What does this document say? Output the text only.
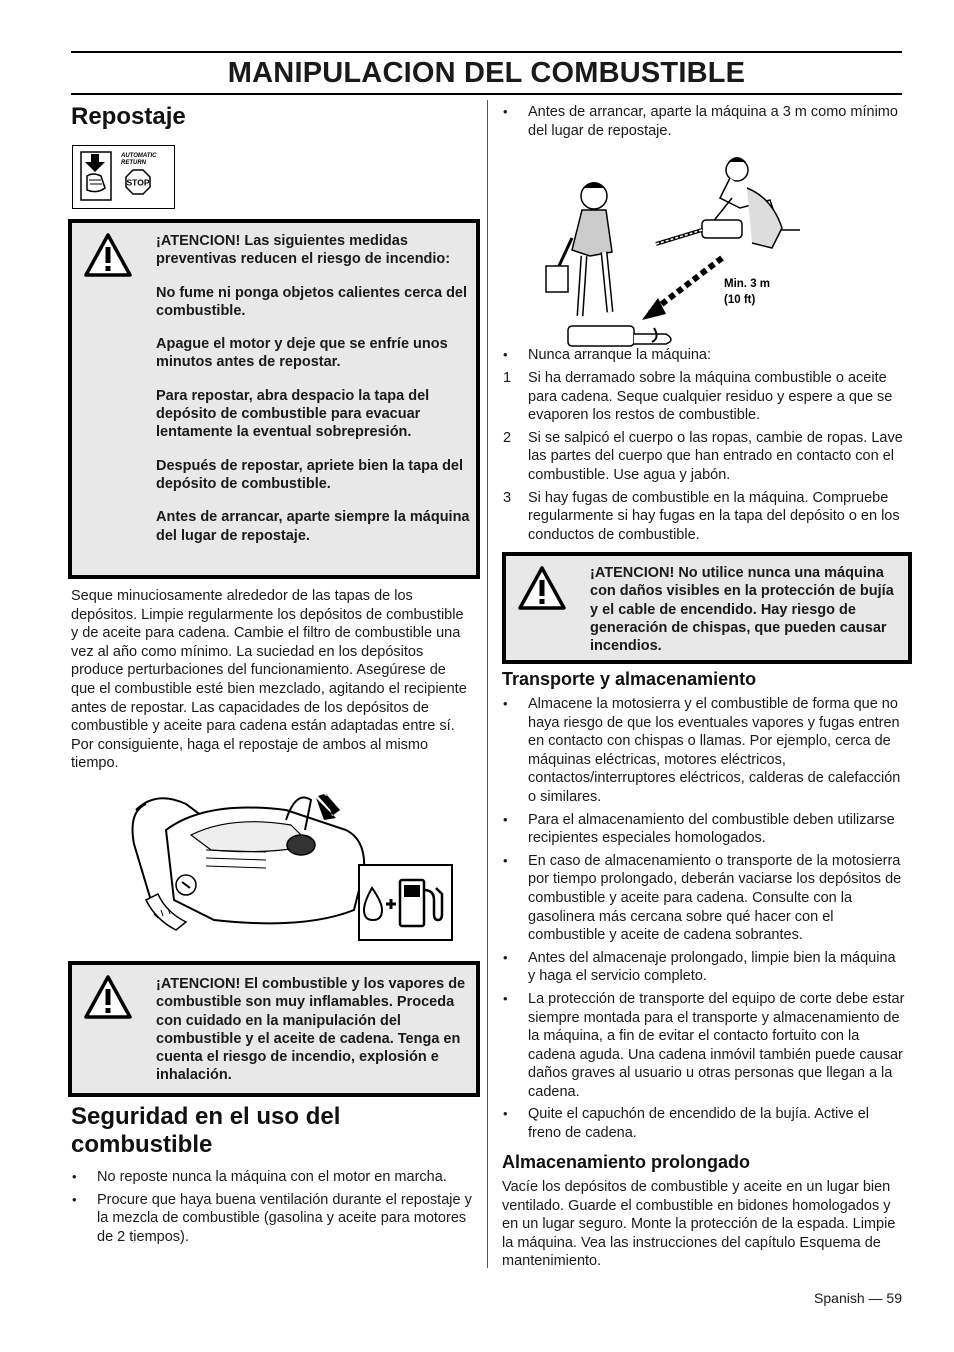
MANIPULACION DEL COMBUSTIBLE
Repostaje
AUTOMATIC
RETURN
STOP

¡ATENCION! Las siguientes medidas preventivas reducen el riesgo de incendio:

No fume ni ponga objetos calientes cerca del combustible.

Apague el motor y deje que se enfríe unos minutos antes de repostar.

Para repostar, abra despacio la tapa del depósito de combustible para evacuar lentamente la eventual sobrepresión.

Después de repostar, apriete bien la tapa del depósito de combustible.

Antes de arrancar, aparte siempre la máquina del lugar de repostaje.

Seque minuciosamente alrededor de las tapas de los depósitos. Limpie regularmente los depósitos de combustible y de aceite para cadena. Cambie el filtro de combustible una vez al año como mínimo. La suciedad en los depósitos produce perturbaciones del funcionamiento. Asegúrese de que el combustible esté bien mezclado, agitando el recipiente antes de repostar. Las capacidades de los depósitos de combustible y aceite para cadena están adaptadas entre sí. Por consiguiente, haga el repostaje de ambos al mismo tiempo.

¡ATENCION! El combustible y los vapores de combustible son muy inflamables. Proceda con cuidado en la manipulación del combustible y el aceite de cadena. Tenga en cuenta el riesgo de incendio, explosión e inhalación.
Seguridad en el uso del combustible
• No reposte nunca la máquina con el motor en marcha.
• Procure que haya buena ventilación durante el repostaje y la mezcla de combustible (gasolina y aceite para motores de 2 tiempos).
• Antes de arrancar, aparte la máquina a 3 m como mínimo del lugar de repostaje.
Min. 3 m
(10 ft)
• Nunca arranque la máquina:
1 Si ha derramado sobre la máquina combustible o aceite para cadena. Seque cualquier residuo y espere a que se evaporen los restos de combustible.
2 Si se salpicó el cuerpo o las ropas, cambie de ropas. Lave las partes del cuerpo que han entrado en contacto con el combustible. Use agua y jabón.
3 Si hay fugas de combustible en la máquina. Compruebe regularmente si hay fugas en la tapa del depósito o en los conductos de combustible.
¡ATENCION! No utilice nunca una máquina con daños visibles en la protección de bujía y el cable de encendido. Hay riesgo de generación de chispas, que pueden causar incendios.
Transporte y almacenamiento
• Almacene la motosierra y el combustible de forma que no haya riesgo de que los eventuales vapores y fugas entren en contacto con chispas o llamas. Por ejemplo, cerca de máquinas eléctricas, motores eléctricos, contactos/interruptores eléctricos, calderas de calefacción o similares.
• Para el almacenamiento del combustible deben utilizarse recipientes especiales homologados.
• En caso de almacenamiento o transporte de la motosierra por tiempo prolongado, deberán vaciarse los depósitos de combustible y aceite para cadena. Consulte con la gasolinera más cercana sobre qué hacer con el combustible y aceite de cadena sobrantes.
• Antes del almacenaje prolongado, limpie bien la máquina y haga el servicio completo.
• La protección de transporte del equipo de corte debe estar siempre montada para el transporte y almacenamiento de la máquina, a fin de evitar el contacto fortuito con la cadena aguda. Una cadena inmóvil también puede causar daños graves al usuario u otras personas que llegan a la cadena.
• Quite el capuchón de encendido de la bujía. Active el freno de cadena.
Almacenamiento prolongado

Vacíe los depósitos de combustible y aceite en un lugar bien ventilado. Guarde el combustible en bidones homologados y en un lugar seguro. Monte la protección de la espada. Limpie la máquina. Vea las instrucciones del capítulo Esquema de mantenimiento.

Spanish — 59
